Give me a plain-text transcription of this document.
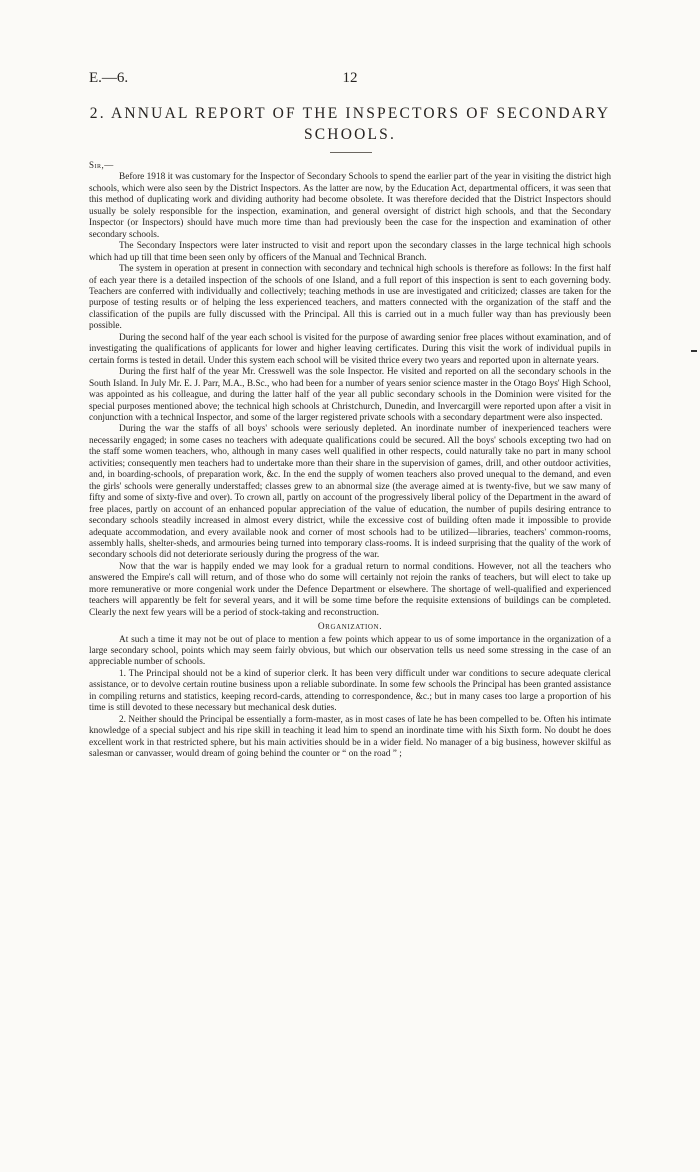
E.—6.	12
2. ANNUAL REPORT OF THE INSPECTORS OF SECONDARY SCHOOLS.
Sir,—

Before 1918 it was customary for the Inspector of Secondary Schools to spend the earlier part of the year in visiting the district high schools, which were also seen by the District Inspectors. As the latter are now, by the Education Act, departmental officers, it was seen that this method of duplicating work and dividing authority had become obsolete. It was therefore decided that the District Inspectors should usually be solely responsible for the inspection, examination, and general oversight of district high schools, and that the Secondary Inspector (or Inspectors) should have much more time than had previously been the case for the inspection and examination of other secondary schools.

The Secondary Inspectors were later instructed to visit and report upon the secondary classes in the large technical high schools which had up till that time been seen only by officers of the Manual and Technical Branch.

The system in operation at present in connection with secondary and technical high schools is therefore as follows: In the first half of each year there is a detailed inspection of the schools of one Island, and a full report of this inspection is sent to each governing body. Teachers are conferred with individually and collectively; teaching methods in use are investigated and criticized; classes are taken for the purpose of testing results or of helping the less experienced teachers, and matters connected with the organization of the staff and the classification of the pupils are fully discussed with the Principal. All this is carried out in a much fuller way than has previously been possible.

During the second half of the year each school is visited for the purpose of awarding senior free places without examination, and of investigating the qualifications of applicants for lower and higher leaving certificates. During this visit the work of individual pupils in certain forms is tested in detail. Under this system each school will be visited thrice every two years and reported upon in alternate years.

During the first half of the year Mr. Cresswell was the sole Inspector. He visited and reported on all the secondary schools in the South Island. In July Mr. E. J. Parr, M.A., B.Sc., who had been for a number of years senior science master in the Otago Boys' High School, was appointed as his colleague, and during the latter half of the year all public secondary schools in the Dominion were visited for the special purposes mentioned above; the technical high schools at Christchurch, Dunedin, and Invercargill were reported upon after a visit in conjunction with a technical Inspector, and some of the larger registered private schools with a secondary department were also inspected.

During the war the staffs of all boys' schools were seriously depleted. An inordinate number of inexperienced teachers were necessarily engaged; in some cases no teachers with adequate qualifications could be secured. All the boys' schools excepting two had on the staff some women teachers, who, although in many cases well qualified in other respects, could naturally take no part in many school activities; consequently men teachers had to undertake more than their share in the supervision of games, drill, and other outdoor activities, and, in boarding-schools, of preparation work, &c. In the end the supply of women teachers also proved unequal to the demand, and even the girls' schools were generally understaffed; classes grew to an abnormal size (the average aimed at is twenty-five, but we saw many of fifty and some of sixty-five and over). To crown all, partly on account of the progressively liberal policy of the Department in the award of free places, partly on account of an enhanced popular appreciation of the value of education, the number of pupils desiring entrance to secondary schools steadily increased in almost every district, while the excessive cost of building often made it impossible to provide adequate accommodation, and every available nook and corner of most schools had to be utilized—libraries, teachers' common-rooms, assembly halls, shelter-sheds, and armouries being turned into temporary class-rooms. It is indeed surprising that the quality of the work of secondary schools did not deteriorate seriously during the progress of the war.

Now that the war is happily ended we may look for a gradual return to normal conditions. However, not all the teachers who answered the Empire's call will return, and of those who do some will certainly not rejoin the ranks of teachers, but will elect to take up more remunerative or more congenial work under the Defence Department or elsewhere. The shortage of well-qualified and experienced teachers will apparently be felt for several years, and it will be some time before the requisite extensions of buildings can be completed. Clearly the next few years will be a period of stock-taking and reconstruction.

Organization.

At such a time it may not be out of place to mention a few points which appear to us of some importance in the organization of a large secondary school, points which may seem fairly obvious, but which our observation tells us need some stressing in the case of an appreciable number of schools.

1. The Principal should not be a kind of superior clerk. It has been very difficult under war conditions to secure adequate clerical assistance, or to devolve certain routine business upon a reliable subordinate. In some few schools the Principal has been granted assistance in compiling returns and statistics, keeping record-cards, attending to correspondence, &c.; but in many cases too large a proportion of his time is still devoted to these necessary but mechanical desk duties.

2. Neither should the Principal be essentially a form-master, as in most cases of late he has been compelled to be. Often his intimate knowledge of a special subject and his ripe skill in teaching it lead him to spend an inordinate time with his Sixth form. No doubt he does excellent work in that restricted sphere, but his main activities should be in a wider field. No manager of a big business, however skilful as salesman or canvasser, would dream of going behind the counter or “ on the road ” ;
